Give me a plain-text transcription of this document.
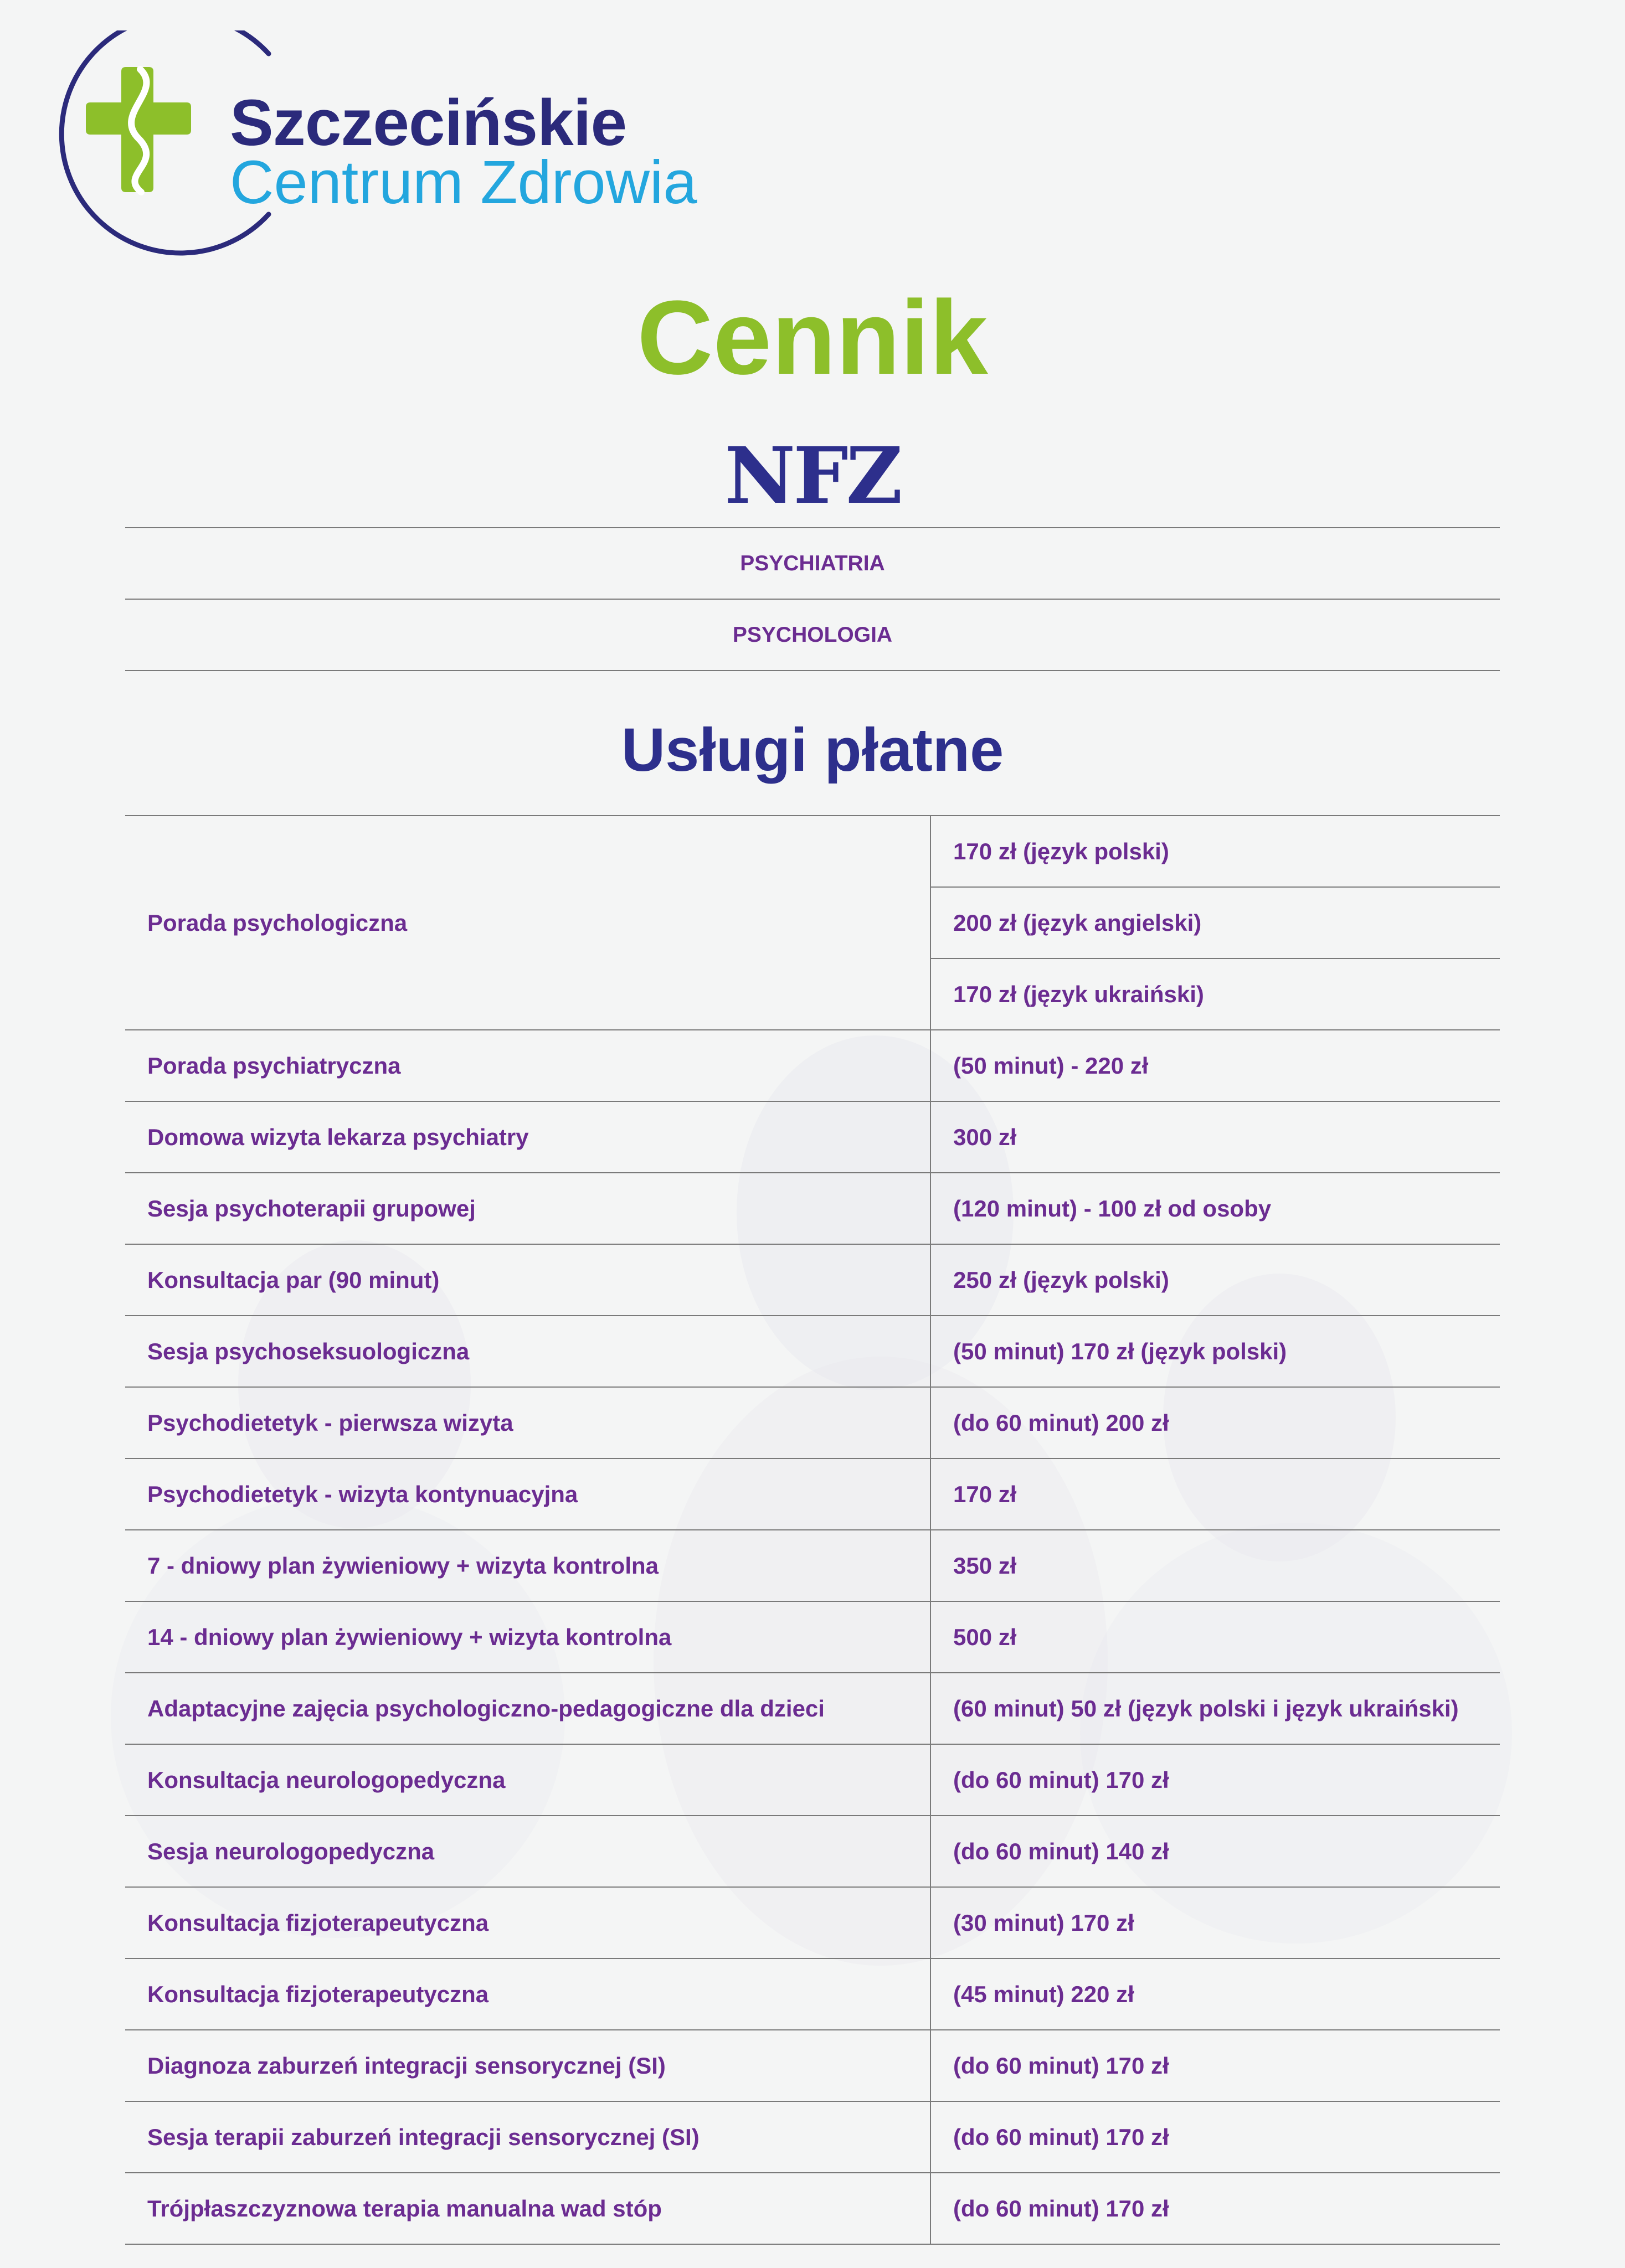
Szczecińskie
Centrum Zdrowia
Cennik
NFZ
PSYCHIATRIA
PSYCHOLOGIA
Usługi płatne
Porada psychologiczna	170 zł (język polski)
	200 zł (język angielski)
	170 zł (język ukraiński)
Porada psychiatryczna	(50 minut) - 220 zł
Domowa wizyta lekarza psychiatry	300 zł
Sesja psychoterapii grupowej	(120 minut) - 100 zł od osoby
Konsultacja par (90 minut)	250 zł (język polski)
Sesja psychoseksuologiczna	(50 minut) 170 zł (język polski)
Psychodietetyk - pierwsza wizyta	(do 60 minut) 200 zł
Psychodietetyk - wizyta kontynuacyjna	170 zł
7 - dniowy plan żywieniowy + wizyta kontrolna	350 zł
14 - dniowy plan żywieniowy + wizyta kontrolna	500 zł
Adaptacyjne zajęcia psychologiczno-pedagogiczne dla dzieci	(60 minut) 50 zł (język polski i język ukraiński)
Konsultacja neurologopedyczna	(do 60 minut) 170 zł
Sesja neurologopedyczna	(do 60 minut) 140 zł
Konsultacja fizjoterapeutyczna	(30 minut) 170 zł
Konsultacja fizjoterapeutyczna	(45 minut) 220 zł
Diagnoza zaburzeń integracji sensorycznej (SI)	(do 60 minut) 170 zł
Sesja terapii zaburzeń integracji sensorycznej (SI)	(do 60 minut) 170 zł
Trójpłaszczyznowa terapia manualna wad stóp	(do 60 minut) 170 zł
